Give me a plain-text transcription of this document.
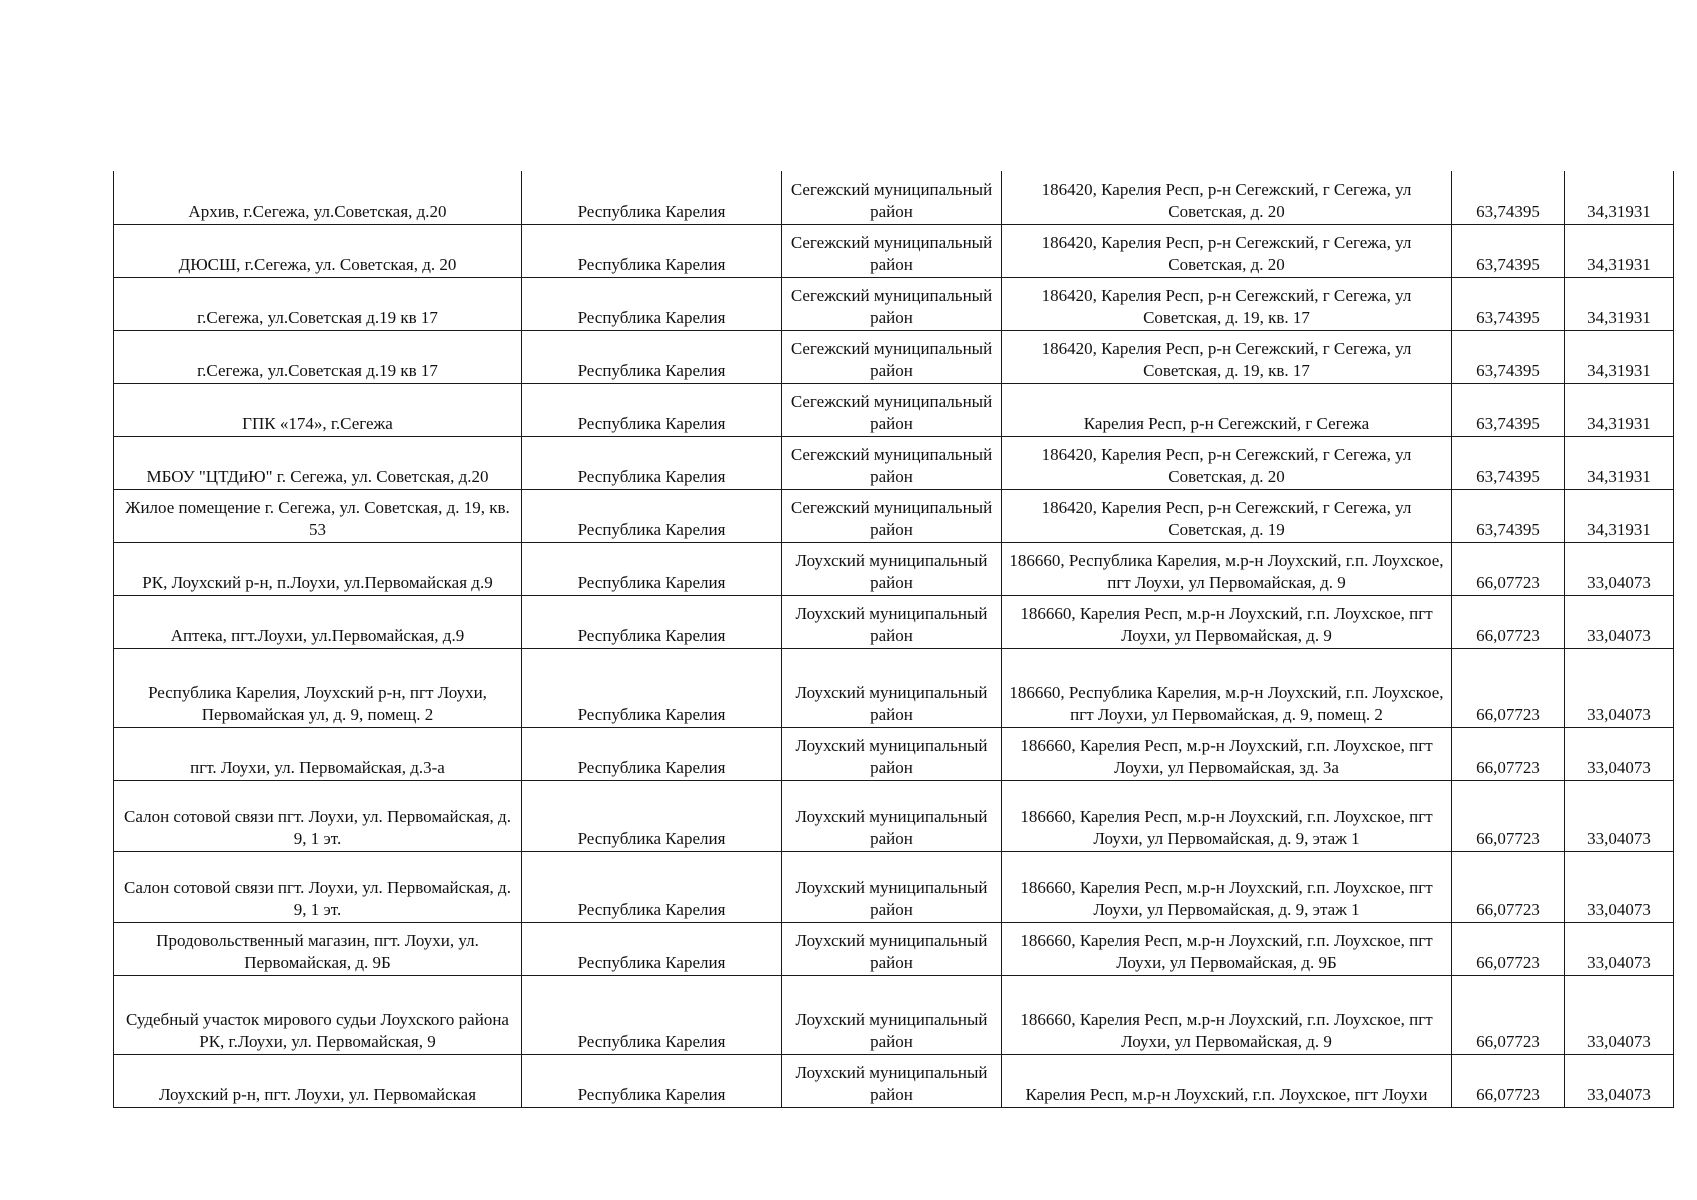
Архив, г.Сегежа, ул.Советская, д.20	Республика Карелия	Сегежский муниципальный район	186420, Карелия Респ, р-н Сегежский, г Сегежа, ул Советская, д. 20	63,74395	34,31931
ДЮСШ, г.Сегежа, ул. Советская, д. 20	Республика Карелия	Сегежский муниципальный район	186420, Карелия Респ, р-н Сегежский, г Сегежа, ул Советская, д. 20	63,74395	34,31931
г.Сегежа, ул.Советская д.19 кв 17	Республика Карелия	Сегежский муниципальный район	186420, Карелия Респ, р-н Сегежский, г Сегежа, ул Советская, д. 19, кв. 17	63,74395	34,31931
г.Сегежа, ул.Советская д.19 кв 17	Республика Карелия	Сегежский муниципальный район	186420, Карелия Респ, р-н Сегежский, г Сегежа, ул Советская, д. 19, кв. 17	63,74395	34,31931
ГПК «174», г.Сегежа	Республика Карелия	Сегежский муниципальный район	Карелия Респ, р-н Сегежский, г Сегежа	63,74395	34,31931
МБОУ "ЦТДиЮ" г. Сегежа, ул. Советская, д.20	Республика Карелия	Сегежский муниципальный район	186420, Карелия Респ, р-н Сегежский, г Сегежа, ул Советская, д. 20	63,74395	34,31931
Жилое помещение г. Сегежа, ул. Советская, д. 19, кв. 53	Республика Карелия	Сегежский муниципальный район	186420, Карелия Респ, р-н Сегежский, г Сегежа, ул Советская, д. 19	63,74395	34,31931
РК, Лоухский р-н, п.Лоухи, ул.Первомайская д.9	Республика Карелия	Лоухский муниципальный район	186660, Республика Карелия, м.р-н Лоухский, г.п. Лоухское, пгт Лоухи, ул Первомайская, д. 9	66,07723	33,04073
Аптека, пгт.Лоухи, ул.Первомайская, д.9	Республика Карелия	Лоухский муниципальный район	186660, Карелия Респ, м.р-н Лоухский, г.п. Лоухское, пгт Лоухи, ул Первомайская, д. 9	66,07723	33,04073
Республика Карелия, Лоухский р-н, пгт Лоухи, Первомайская ул, д. 9, помещ. 2	Республика Карелия	Лоухский муниципальный район	186660, Республика Карелия, м.р-н Лоухский, г.п. Лоухское, пгт Лоухи, ул Первомайская, д. 9, помещ. 2	66,07723	33,04073
пгт. Лоухи, ул. Первомайская, д.3-а	Республика Карелия	Лоухский муниципальный район	186660, Карелия Респ, м.р-н Лоухский, г.п. Лоухское, пгт Лоухи, ул Первомайская, зд. 3а	66,07723	33,04073
Салон сотовой связи пгт. Лоухи, ул. Первомайская, д. 9, 1 эт.	Республика Карелия	Лоухский муниципальный район	186660, Карелия Респ, м.р-н Лоухский, г.п. Лоухское, пгт Лоухи, ул Первомайская, д. 9, этаж 1	66,07723	33,04073
Салон сотовой связи пгт. Лоухи, ул. Первомайская, д. 9, 1 эт.	Республика Карелия	Лоухский муниципальный район	186660, Карелия Респ, м.р-н Лоухский, г.п. Лоухское, пгт Лоухи, ул Первомайская, д. 9, этаж 1	66,07723	33,04073
Продовольственный магазин, пгт. Лоухи, ул. Первомайская, д. 9Б	Республика Карелия	Лоухский муниципальный район	186660, Карелия Респ, м.р-н Лоухский, г.п. Лоухское, пгт Лоухи, ул Первомайская, д. 9Б	66,07723	33,04073
Судебный участок мирового судьи Лоухского района РК, г.Лоухи, ул. Первомайская, 9	Республика Карелия	Лоухский муниципальный район	186660, Карелия Респ, м.р-н Лоухский, г.п. Лоухское, пгт Лоухи, ул Первомайская, д. 9	66,07723	33,04073
Лоухский р-н, пгт. Лоухи, ул. Первомайская	Республика Карелия	Лоухский муниципальный район	Карелия Респ, м.р-н Лоухский, г.п. Лоухское, пгт Лоухи	66,07723	33,04073
